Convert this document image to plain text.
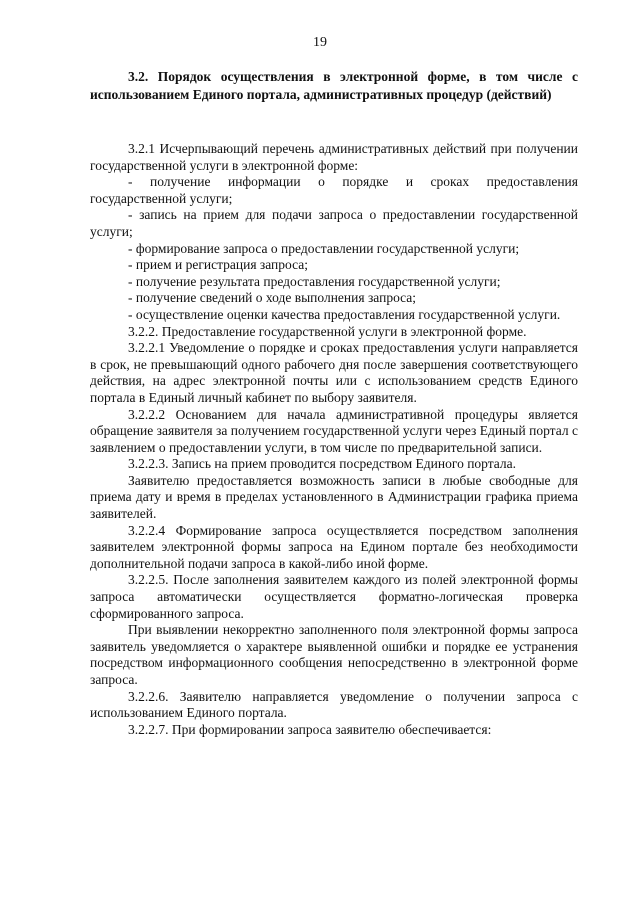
19
3.2. Порядок осуществления в электронной форме, в том числе с использованием Единого портала, административных процедур (действий)

3.2.1 Исчерпывающий перечень административных действий при получении государственной услуги в электронной форме:

- получение информации о порядке и сроках предоставления государственной услуги;

- запись на прием для подачи запроса о предоставлении государственной услуги;

- формирование запроса о предоставлении государственной услуги;

- прием и регистрация запроса;

- получение результата предоставления государственной услуги;

- получение сведений о ходе выполнения запроса;

- осуществление оценки качества предоставления государственной услуги.

3.2.2. Предоставление государственной услуги в электронной форме.

3.2.2.1 Уведомление о порядке и сроках предоставления услуги направляется в срок, не превышающий одного рабочего дня после завершения соответствующего действия, на адрес электронной почты или с использованием средств Единого портала в Единый личный кабинет по выбору заявителя.

3.2.2.2 Основанием для начала административной процедуры является обращение заявителя за получением государственной услуги через Единый портал с заявлением о предоставлении услуги, в том числе по предварительной записи.

3.2.2.3. Запись на прием проводится посредством Единого портала.

Заявителю предоставляется возможность записи в любые свободные для приема дату и время в пределах установленного в Администрации графика приема заявителей.

3.2.2.4 Формирование запроса осуществляется посредством заполнения заявителем электронной формы запроса на Едином портале без необходимости дополнительной подачи запроса в какой-либо иной форме.

3.2.2.5. После заполнения заявителем каждого из полей электронной формы запроса автоматически осуществляется форматно-логическая проверка сформированного запроса.

При выявлении некорректно заполненного поля электронной формы запроса заявитель уведомляется о характере выявленной ошибки и порядке ее устранения посредством информационного сообщения непосредственно в электронной форме запроса.

3.2.2.6. Заявителю направляется уведомление о получении запроса с использованием Единого портала.

3.2.2.7. При формировании запроса заявителю обеспечивается:
